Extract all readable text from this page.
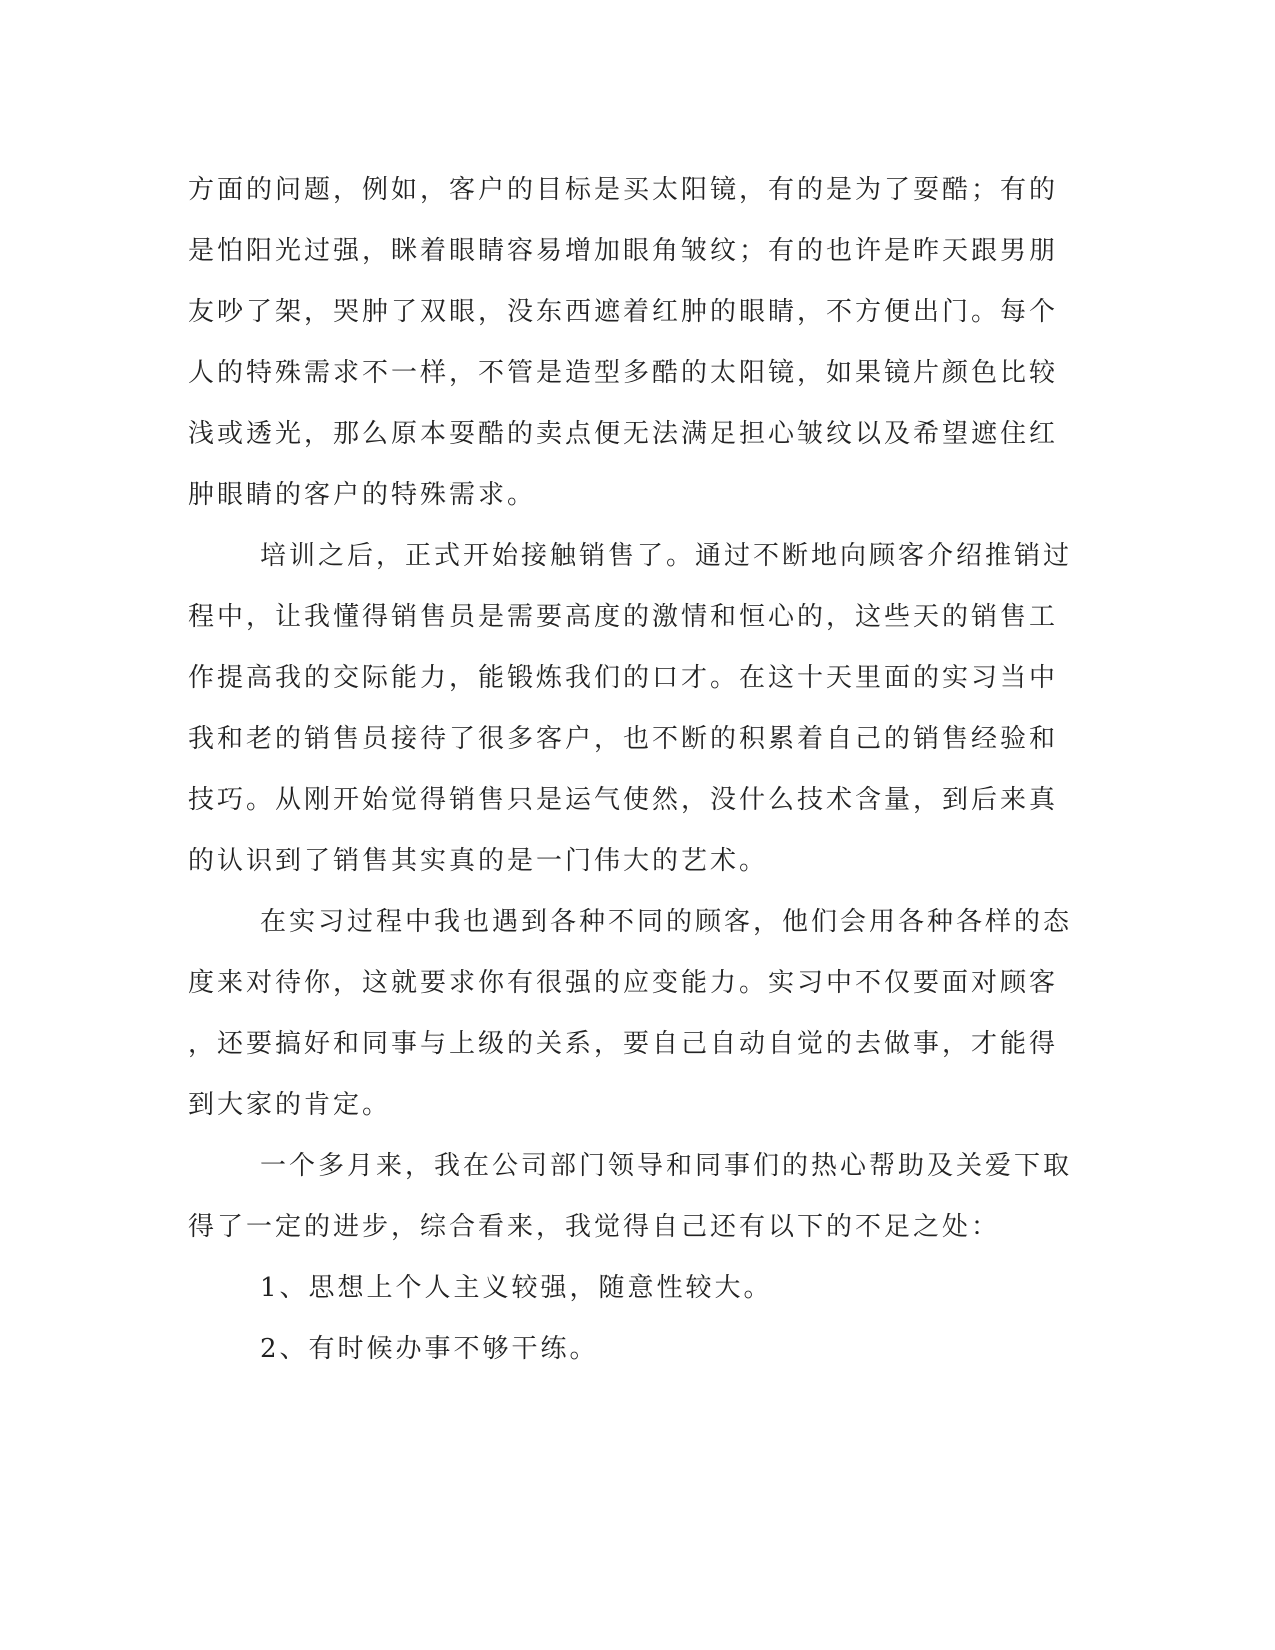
方面的问题，例如，客户的目标是买太阳镜，有的是为了耍酷；有的
是怕阳光过强，眯着眼睛容易增加眼角皱纹；有的也许是昨天跟男朋
友吵了架，哭肿了双眼，没东西遮着红肿的眼睛，不方便出门。每个
人的特殊需求不一样，不管是造型多酷的太阳镜，如果镜片颜色比较
浅或透光，那么原本耍酷的卖点便无法满足担心皱纹以及希望遮住红
肿眼睛的客户的特殊需求。

培训之后，正式开始接触销售了。通过不断地向顾客介绍推销过
程中，让我懂得销售员是需要高度的激情和恒心的，这些天的销售工
作提高我的交际能力，能锻炼我们的口才。在这十天里面的实习当中
我和老的销售员接待了很多客户，也不断的积累着自己的销售经验和
技巧。从刚开始觉得销售只是运气使然，没什么技术含量，到后来真
的认识到了销售其实真的是一门伟大的艺术。

在实习过程中我也遇到各种不同的顾客，他们会用各种各样的态
度来对待你，这就要求你有很强的应变能力。实习中不仅要面对顾客
，还要搞好和同事与上级的关系，要自己自动自觉的去做事，才能得
到大家的肯定。

一个多月来，我在公司部门领导和同事们的热心帮助及关爱下取
得了一定的进步，综合看来，我觉得自己还有以下的不足之处：

1、思想上个人主义较强，随意性较大。

2、有时候办事不够干练。
